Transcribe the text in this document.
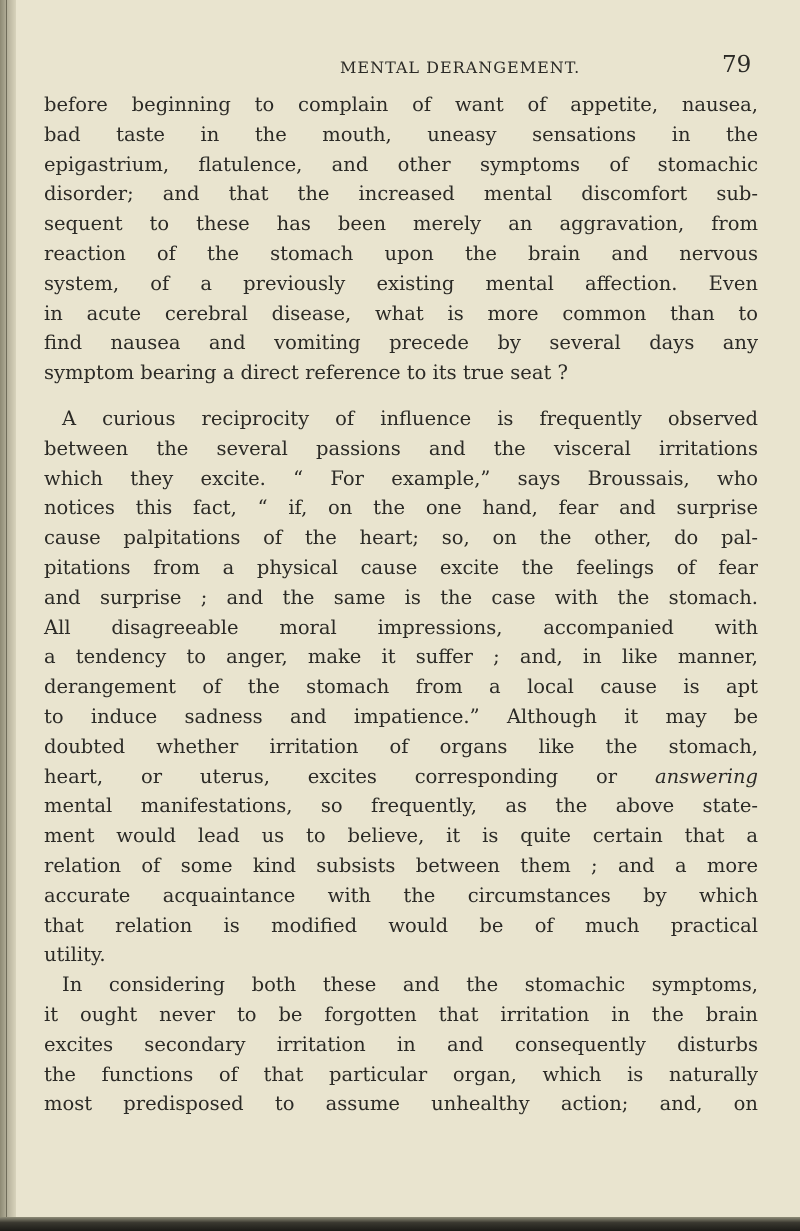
MENTAL DERANGEMENT.	79
before beginning to complain of want of appetite, nausea,
bad taste in the mouth, uneasy sensations in the
epigastrium, flatulence, and other symptoms of stomachic
disorder; and that the increased mental discomfort sub-
sequent to these has been merely an aggravation, from
reaction of the stomach upon the brain and nervous
system, of a previously existing mental affection. Even
in acute cerebral disease, what is more common than to
find nausea and vomiting precede by several days any
symptom bearing a direct reference to its true seat ?
A curious reciprocity of influence is frequently observed
between the several passions and the visceral irritations
which they excite. “ For example,” says Broussais, who
notices this fact, “ if, on the one hand, fear and surprise
cause palpitations of the heart; so, on the other, do pal-
pitations from a physical cause excite the feelings of fear
and surprise ; and the same is the case with the stomach.
All disagreeable moral impressions, accompanied with
a tendency to anger, make it suffer ; and, in like manner,
derangement of the stomach from a local cause is apt
to induce sadness and impatience.” Although it may be
doubted whether irritation of organs like the stomach,
heart, or uterus, excites corresponding or answering
mental manifestations, so frequently, as the above state-
ment would lead us to believe, it is quite certain that a
relation of some kind subsists between them ; and a more
accurate acquaintance with the circumstances by which
that relation is modified would be of much practical
utility.
In considering both these and the stomachic symptoms,
it ought never to be forgotten that irritation in the brain
excites secondary irritation in and consequently disturbs
the functions of that particular organ, which is naturally
most predisposed to assume unhealthy action; and, on
